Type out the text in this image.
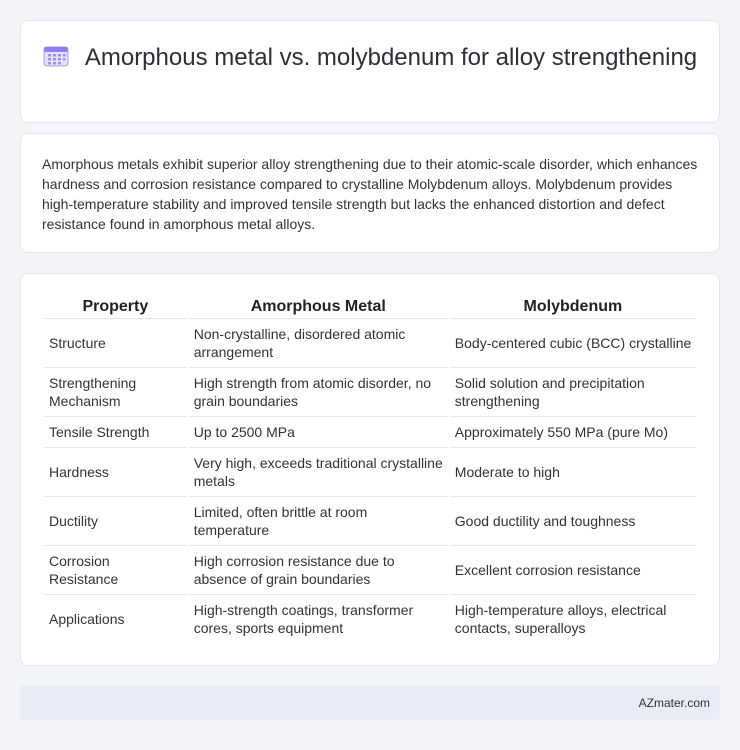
Amorphous metal vs. molybdenum for alloy strengthening

Amorphous metals exhibit superior alloy strengthening due to their atomic-scale disorder, which enhances hardness and corrosion resistance compared to crystalline Molybdenum alloys. Molybdenum provides high-temperature stability and improved tensile strength but lacks the enhanced distortion and defect resistance found in amorphous metal alloys.

Property	Amorphous Metal	Molybdenum
Structure	Non-crystalline, disordered atomic arrangement	Body-centered cubic (BCC) crystalline
Strengthening Mechanism	High strength from atomic disorder, no grain boundaries	Solid solution and precipitation strengthening
Tensile Strength	Up to 2500 MPa	Approximately 550 MPa (pure Mo)
Hardness	Very high, exceeds traditional crystalline metals	Moderate to high
Ductility	Limited, often brittle at room temperature	Good ductility and toughness
Corrosion Resistance	High corrosion resistance due to absence of grain boundaries	Excellent corrosion resistance
Applications	High-strength coatings, transformer cores, sports equipment	High-temperature alloys, electrical contacts, superalloys
AZmater.com
